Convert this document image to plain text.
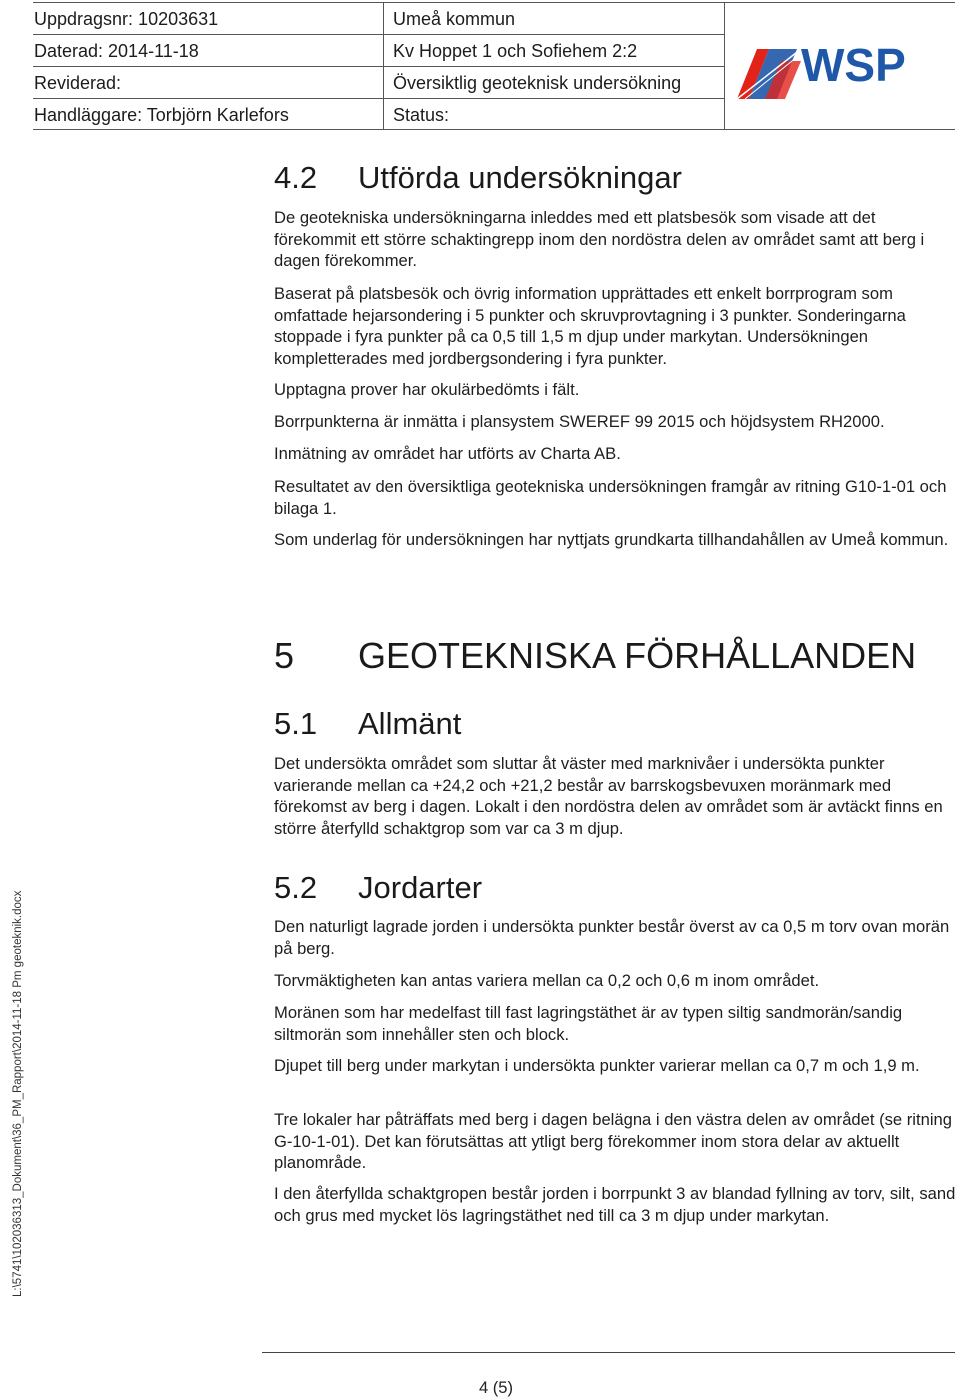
Uppdragsnr: 10203631
Daterad: 2014-11-18
Reviderad:
Handläggare: Torbjörn Karlefors
Umeå kommun
Kv Hoppet 1 och Sofiehem 2:2
Översiktlig geoteknisk undersökning
Status:
WSP
L:\5741\102036313_Dokument\36_PM_Rapport\2014-11-18 Pm geoteknik.docx
4.2 Utförda undersökningar
De geotekniska undersökningarna inleddes med ett platsbesök som visade att det förekommit ett större schaktingrepp inom den nordöstra delen av området samt att berg i dagen förekommer.
Baserat på platsbesök och övrig information upprättades ett enkelt borrprogram som omfattade hejarsondering i 5 punkter och skruvprovtagning i 3 punkter. Sonderingarna stoppade i fyra punkter på ca 0,5 till 1,5 m djup under markytan. Undersökningen kompletterades med jordbergsondering i fyra punkter.
Upptagna prover har okulärbedömts i fält.
Borrpunkterna är inmätta i plansystem SWEREF 99 2015 och höjdsystem RH2000.
Inmätning av området har utförts av Charta AB.
Resultatet av den översiktliga geotekniska undersökningen framgår av ritning G10-1-01 och bilaga 1.
Som underlag för undersökningen har nyttjats grundkarta tillhandahållen av Umeå kommun.
5 GEOTEKNISKA FÖRHÅLLANDEN
5.1 Allmänt
Det undersökta området som sluttar åt väster med marknivåer i undersökta punkter varierande mellan ca +24,2 och +21,2 består av barrskogsbevuxen moränmark med förekomst av berg i dagen. Lokalt i den nordöstra delen av området som är avtäckt finns en större återfylld schaktgrop som var ca 3 m djup.
5.2 Jordarter
Den naturligt lagrade jorden i undersökta punkter består överst av ca 0,5 m torv ovan morän på berg.
Torvmäktigheten kan antas variera mellan ca 0,2 och 0,6 m inom området.
Moränen som har medelfast till fast lagringstäthet är av typen siltig sandmorän/sandig siltmorän som innehåller sten och block.
Djupet till berg under markytan i undersökta punkter varierar mellan ca 0,7 m och 1,9 m.
Tre lokaler har påträffats med berg i dagen belägna i den västra delen av området (se ritning G-10-1-01). Det kan förutsättas att ytligt berg förekommer inom stora delar av aktuellt planområde.
I den återfyllda schaktgropen består jorden i borrpunkt 3 av blandad fyllning av torv, silt, sand och grus med mycket lös lagringstäthet ned till ca 3 m djup under markytan.
4 (5)
